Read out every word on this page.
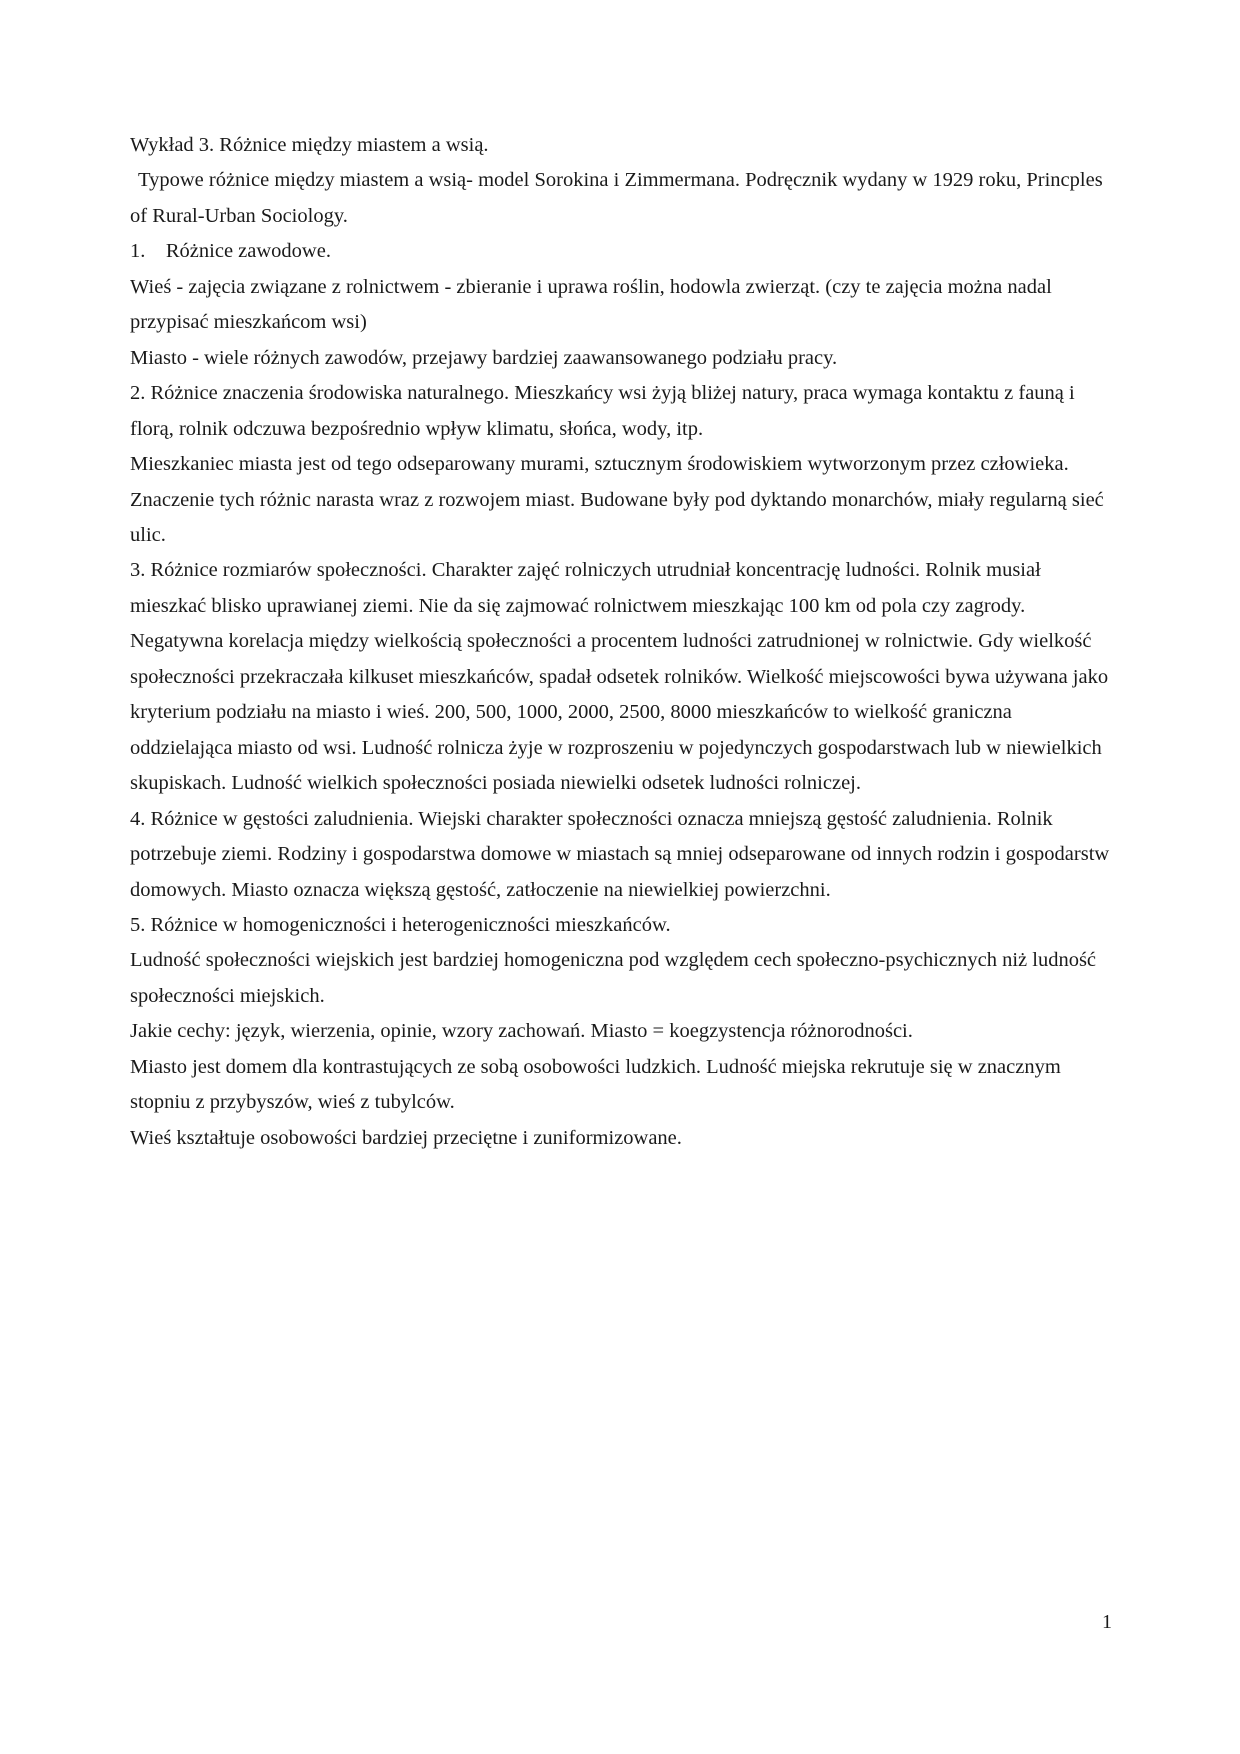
Wykład 3. Różnice między miastem a wsią.

Typowe różnice między miastem a wsią- model Sorokina i Zimmermana. Podręcznik wydany w 1929 roku, Princples of Rural-Urban Sociology.

1.    Różnice zawodowe.

Wieś - zajęcia związane z rolnictwem - zbieranie i uprawa roślin, hodowla zwierząt. (czy te zajęcia można nadal przypisać mieszkańcom wsi)

Miasto - wiele różnych zawodów, przejawy bardziej zaawansowanego podziału pracy.

2. Różnice znaczenia środowiska naturalnego. Mieszkańcy wsi żyją bliżej natury, praca wymaga kontaktu z fauną i florą, rolnik odczuwa bezpośrednio wpływ klimatu, słońca, wody, itp.

Mieszkaniec miasta jest od tego odseparowany murami, sztucznym środowiskiem wytworzonym przez człowieka. Znaczenie tych różnic narasta wraz z rozwojem miast. Budowane były pod dyktando monarchów, miały regularną sieć ulic.

3. Różnice rozmiarów społeczności. Charakter zajęć rolniczych utrudniał koncentrację ludności. Rolnik musiał mieszkać blisko uprawianej ziemi. Nie da się zajmować rolnictwem mieszkając 100 km od pola czy zagrody. Negatywna korelacja między wielkością społeczności a procentem ludności zatrudnionej w rolnictwie. Gdy wielkość społeczności przekraczała kilkuset mieszkańców, spadał odsetek rolników. Wielkość miejscowości bywa używana jako kryterium podziału na miasto i wieś. 200, 500, 1000, 2000, 2500, 8000 mieszkańców to wielkość graniczna oddzielająca miasto od wsi. Ludność rolnicza żyje w rozproszeniu w pojedynczych gospodarstwach lub w niewielkich skupiskach. Ludność wielkich społeczności posiada niewielki odsetek ludności rolniczej.

4. Różnice w gęstości zaludnienia. Wiejski charakter społeczności oznacza mniejszą gęstość zaludnienia. Rolnik potrzebuje ziemi. Rodziny i gospodarstwa domowe w miastach są mniej odseparowane od innych rodzin i gospodarstw domowych. Miasto oznacza większą gęstość, zatłoczenie na niewielkiej powierzchni.

5. Różnice w homogeniczności i heterogeniczności mieszkańców.

Ludność społeczności wiejskich jest bardziej homogeniczna pod względem cech społeczno-psychicznych niż ludność społeczności miejskich.

Jakie cechy: język, wierzenia, opinie, wzory zachowań. Miasto = koegzystencja różnorodności.

Miasto jest domem dla kontrastujących ze sobą osobowości ludzkich. Ludność miejska rekrutuje się w znacznym stopniu z przybyszów, wieś z tubylców.

Wieś kształtuje osobowości bardziej przeciętne i zuniformizowane.

1
